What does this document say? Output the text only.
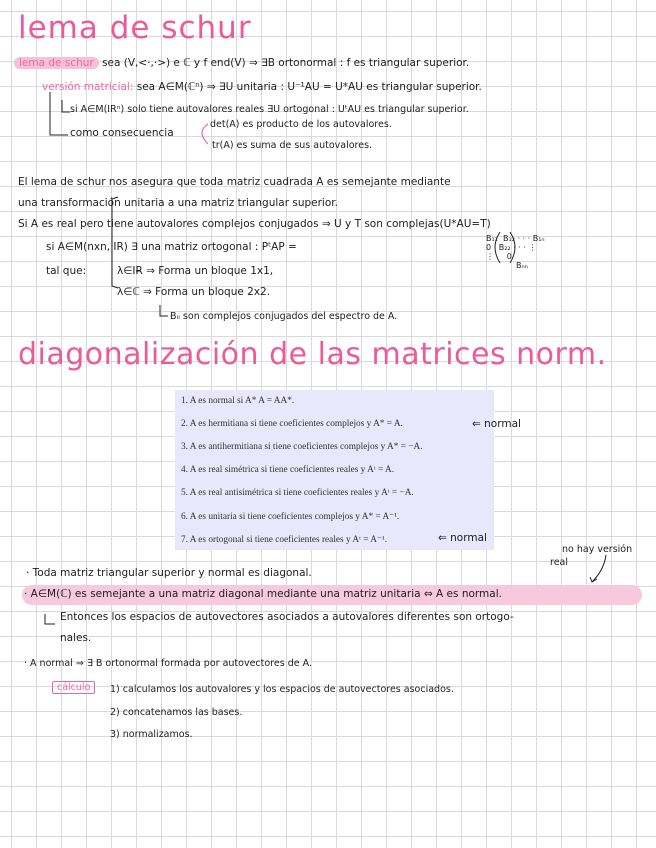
lema de schur
lema de schur sea (V,<·,·>) e ℂ y f end(V) ⇒ ∃B ortonormal : f es triangular superior.
versión matricial: sea A∈M(ℂⁿ) ⇒ ∃U unitaria : U⁻¹AU = U*AU es triangular superior.
si A∈M(IRⁿ) solo tiene autovalores reales ∃U ortogonal : UᵗAU es triangular superior.
como consecuencia
det(A) es producto de los autovalores.
tr(A) es suma de sus autovalores.
El lema de schur nos asegura que toda matriz cuadrada A es semejante mediante
una transformación unitaria a una matriz triangular superior.
Si A es real pero tiene autovalores complejos conjugados ⇒ U y T son complejas(U*AU=T)
si A∈M(nxn, IR) ∃ una matriz ortogonal : PᵗAP =
B₁₁ B₁₂ · · · B₁ₙ
0 B₂₂ · · · ⋮
⋮ 0
Bₙₙ
tal que:	λ∈IR ⇒ Forma un bloque 1x1,
λ∈ℂ ⇒ Forma un bloque 2x2.
Bᵢᵢ son complejos conjugados del espectro de A.
diagonalización de las matrices norm.
1. A es normal si A* A = AA*.
2. A es hermitiana si tiene coeficientes complejos y A* = A.
3. A es antihermitiana si tiene coeficientes complejos y A* = −A.
4. A es real simétrica si tiene coeficientes reales y Aᵗ = A.
5. A es real antisimétrica si tiene coeficientes reales y Aᵗ = −A.
6. A es unitaria si tiene coeficientes complejos y A* = A⁻¹.
7. A es ortogonal si tiene coeficientes reales y Aᵗ = A⁻¹.
⇐ normal
⇐ normal
no hay versión
real
· Toda matriz triangular superior y normal es diagonal.
· A∈M(ℂ) es semejante a una matriz diagonal mediante una matriz unitaria ⇔ A es normal.
Entonces los espacios de autovectores asociados a autovalores diferentes son ortogo-
nales.
· A normal ⇒ ∃ B ortonormal formada por autovectores de A.
cálculo	1) calculamos los autovalores y los espacios de autovectores asociados.
2) concatenamos las bases.
3) normalizamos.
